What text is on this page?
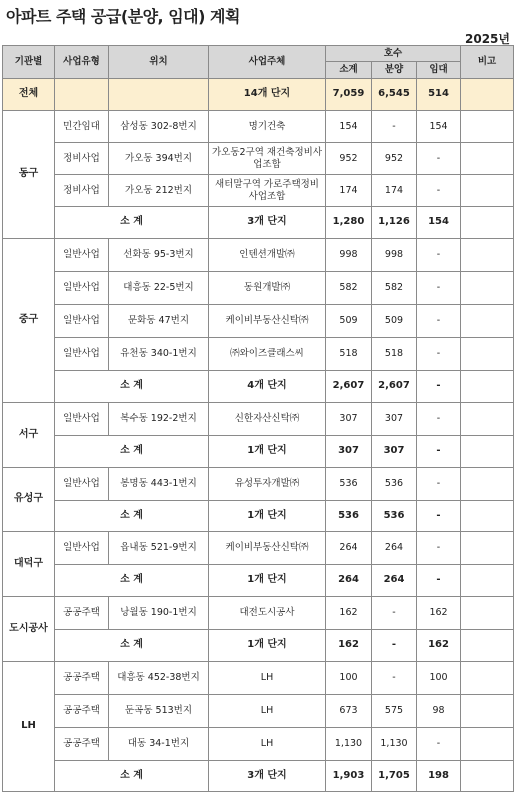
아파트 주택 공급(분양, 임대) 계획
2025년
기관별	사업유형	위치	사업주체	호수			비고
				소계	분양	임대	
전체			14개 단지	7,059	6,545	514	
동구	민간임대	삼성동 302-8번지	명기건축	154	-	154	
	정비사업	가오동 394번지	가오동2구역 재건축정비사업조합	952	952	-	
	정비사업	가오동 212번지	새터말구역 가로주택정비사업조합	174	174	-	
	소 계		3개 단지	1,280	1,126	154	
중구	일반사업	선화동 95-3번지	인텐션개발㈜	998	998	-	
	일반사업	대흥동 22-5번지	동원개발㈜	582	582	-	
	일반사업	문화동 47번지	케이비부동산신탁㈜	509	509	-	
	일반사업	유천동 340-1번지	㈜와이즈클래스씨	518	518	-	
	소 계		4개 단지	2,607	2,607	-	
서구	일반사업	복수동 192-2번지	신한자산신탁㈜	307	307	-	
	소 계		1개 단지	307	307	-	
유성구	일반사업	봉명동 443-1번지	유성투자개발㈜	536	536	-	
	소 계		1개 단지	536	536	-	
대덕구	일반사업	읍내동 521-9번지	케이비부동산신탁㈜	264	264	-	
	소 계		1개 단지	264	264	-	
도시공사	공공주택	낭월동 190-1번지	대전도시공사	162	-	162	
	소 계		1개 단지	162	-	162	
LH	공공주택	대흥동 452-38번지	LH	100	-	100	
	공공주택	둔곡동 513번지	LH	673	575	98	
	공공주택	대동 34-1번지	LH	1,130	1,130	-	
	소 계		3개 단지	1,903	1,705	198	
